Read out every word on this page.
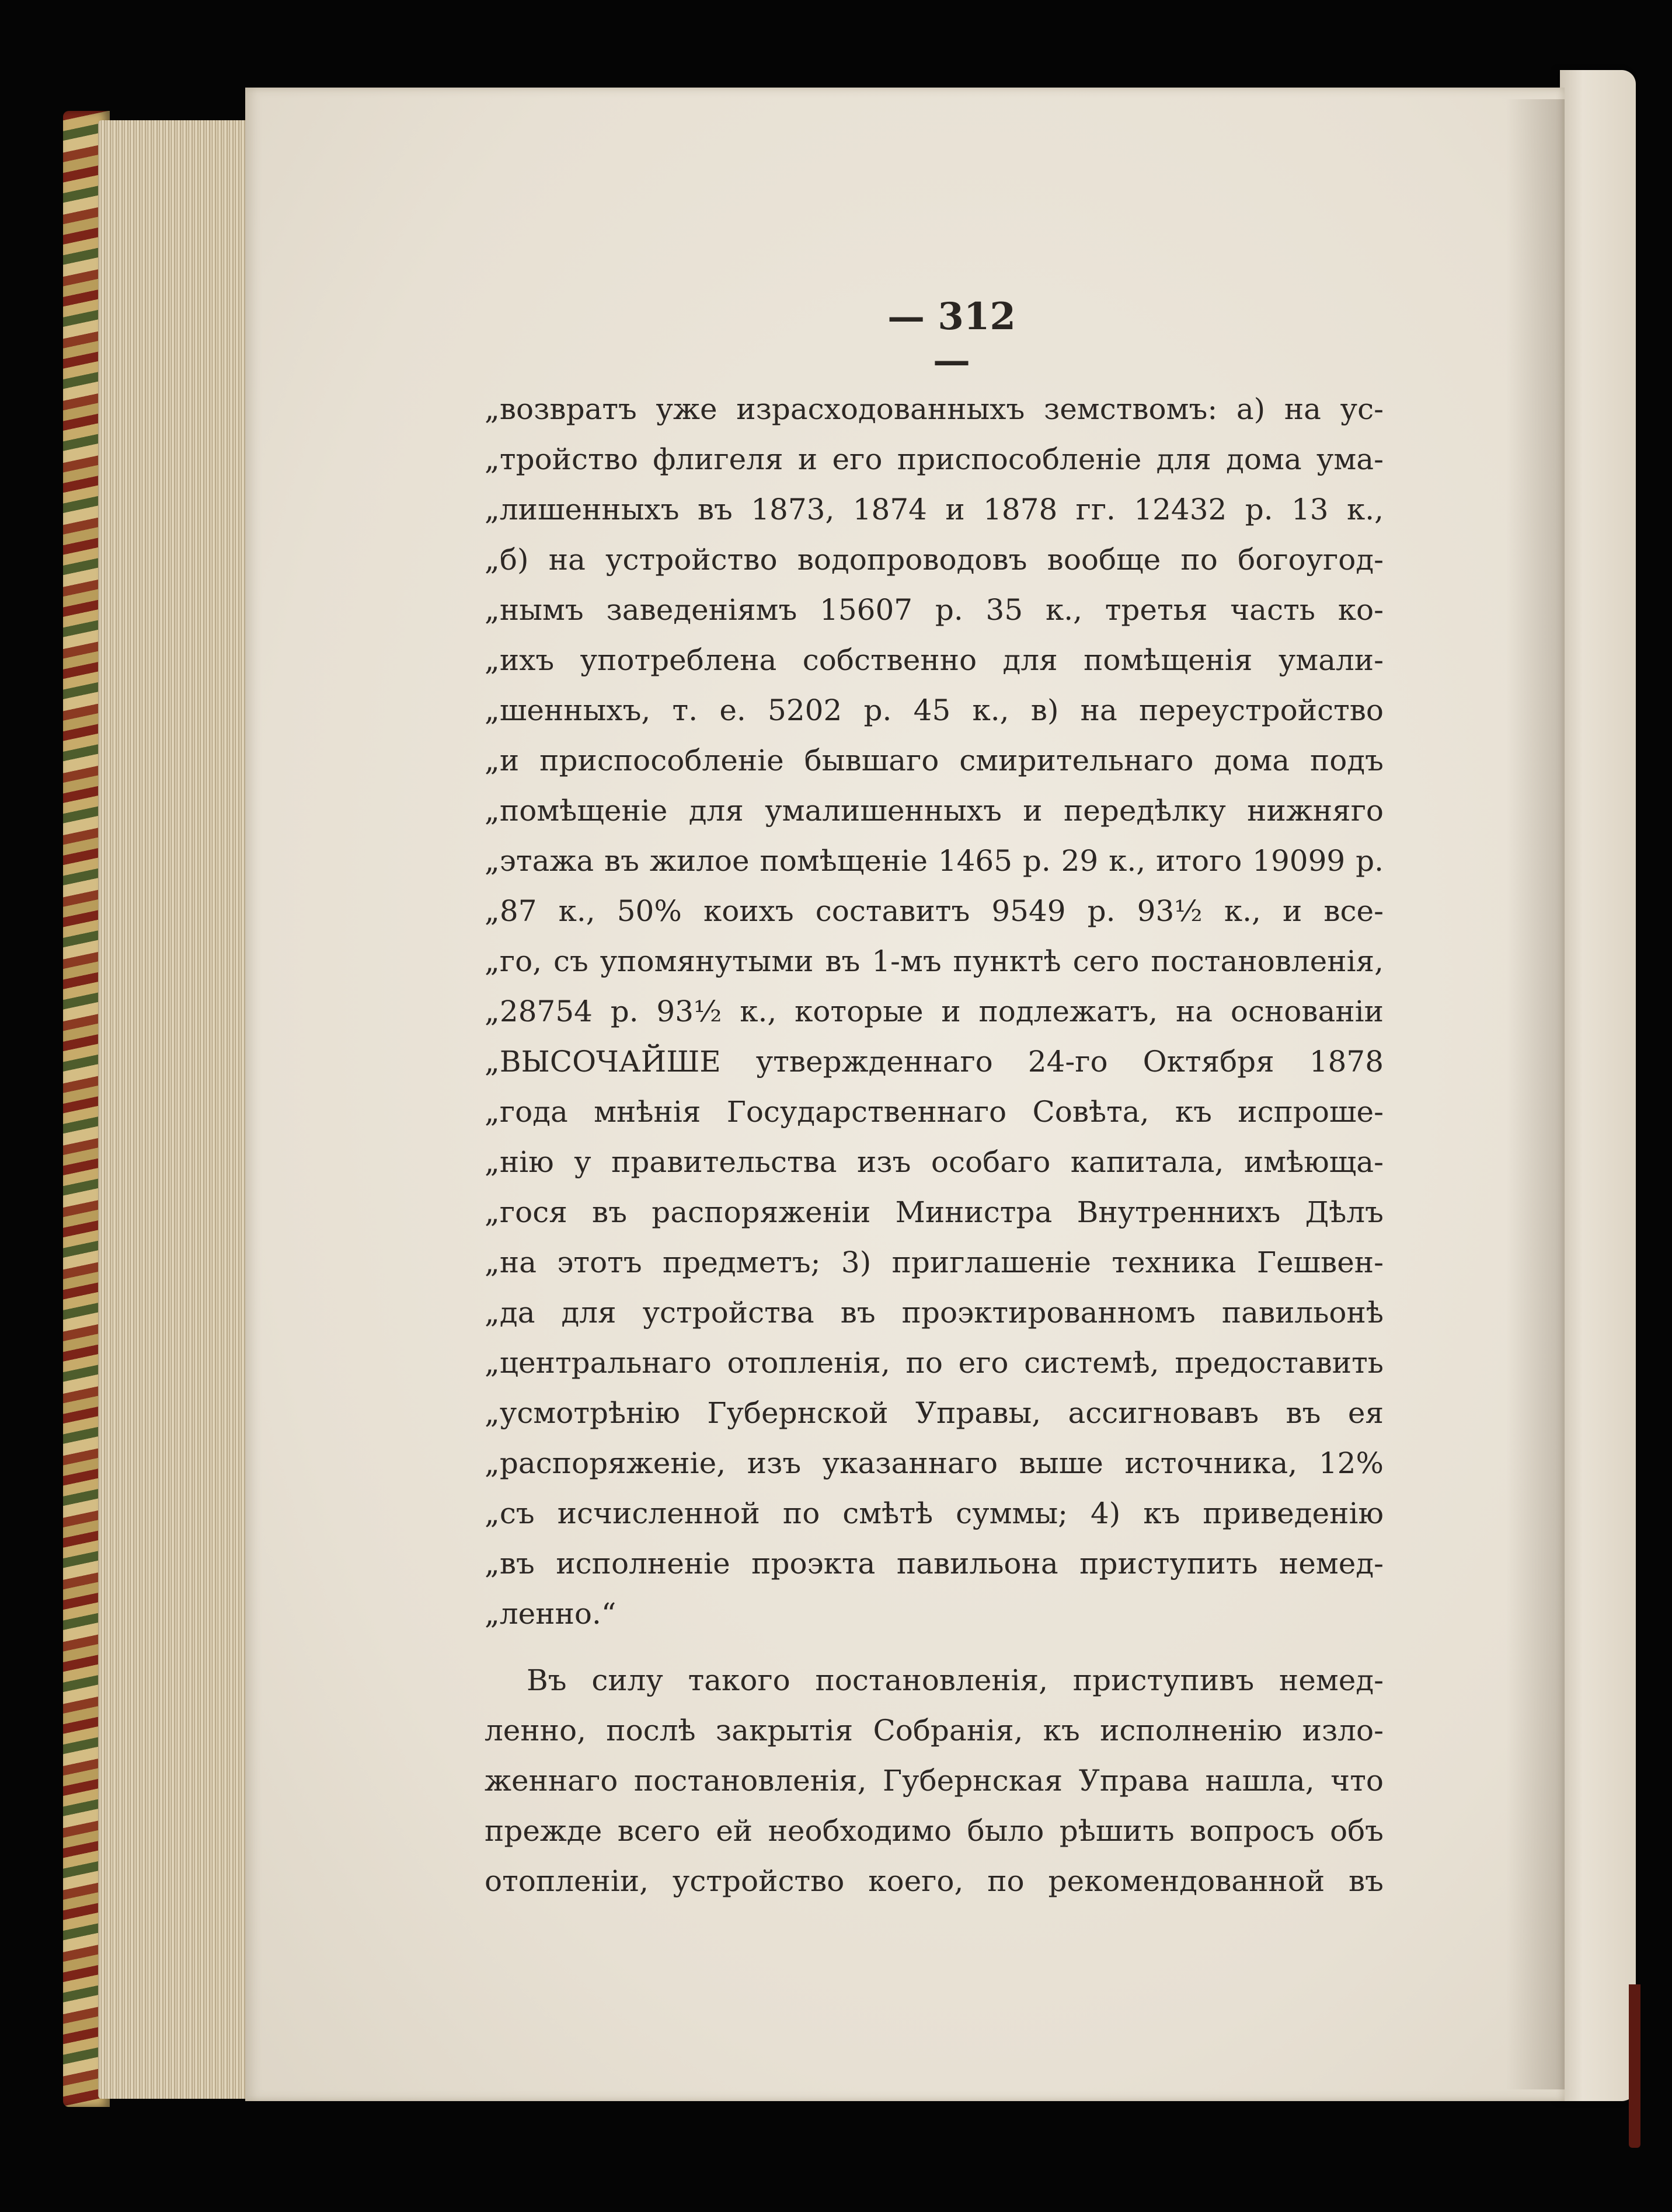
— 312 —
„возвратъ уже израсходованныхъ земствомъ: а) на ус-
„тройство флигеля и его приспособленіе для дома ума-
„лишенныхъ въ 1873, 1874 и 1878 гг. 12432 р. 13 к.,
„б) на устройство водопроводовъ вообще по богоугод-
„нымъ заведеніямъ 15607 р. 35 к., третья часть ко-
„ихъ употреблена собственно для помѣщенія умали-
„шенныхъ, т. е. 5202 р. 45 к., в) на переустройство
„и приспособленіе бывшаго смирительнаго дома подъ
„помѣщеніе для умалишенныхъ и передѣлку нижняго
„этажа въ жилое помѣщеніе 1465 р. 29 к., итого 19099 р.
„87 к., 50% коихъ составитъ 9549 р. 93½ к., и все-
„го, съ упомянутыми въ 1-мъ пунктѣ сего постановленія,
„28754 р. 93½ к., которые и подлежатъ, на основаніи
„ВЫСОЧАЙШЕ утвержденнаго 24-го Октября 1878
„года мнѣнія Государственнаго Совѣта, къ испроше-
„нію у правительства изъ особаго капитала, имѣюща-
„гося въ распоряженіи Министра Внутреннихъ Дѣлъ
„на этотъ предметъ; 3) приглашеніе техника Гешвен-
„да для устройства въ проэктированномъ павильонѣ
„центральнаго отопленія, по его системѣ, предоставить
„усмотрѣнію Губернской Управы, ассигновавъ въ ея
„распоряженіе, изъ указаннаго выше источника, 12%
„съ исчисленной по смѣтѣ суммы; 4) къ приведенію
„въ исполненіе проэкта павильона приступить немед-
„ленно.“
Въ силу такого постановленія, приступивъ немед-
ленно, послѣ закрытія Собранія, къ исполненію изло-
женнаго постановленія, Губернская Управа нашла, что
прежде всего ей необходимо было рѣшить вопросъ объ
отопленіи, устройство коего, по рекомендованной въ
